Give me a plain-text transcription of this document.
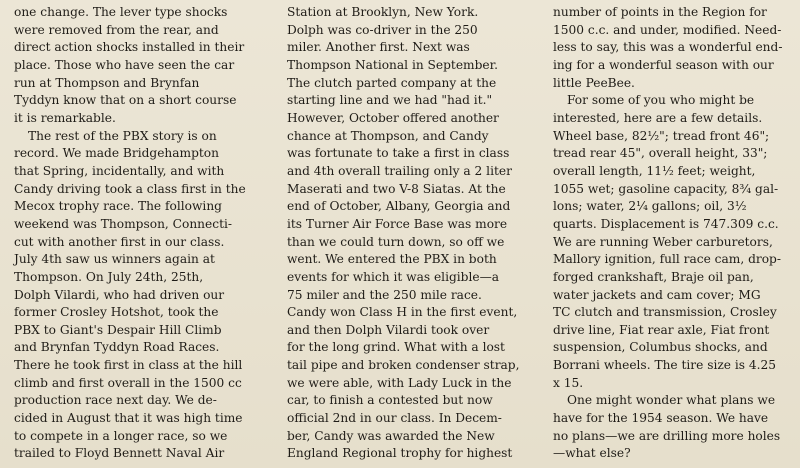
one change. The lever type shocks
were removed from the rear, and
direct action shocks installed in their
place. Those who have seen the car
run at Thompson and Brynfan
Tyddyn know that on a short course
it is remarkable.
The rest of the PBX story is on
record. We made Bridgehampton
that Spring, incidentally, and with
Candy driving took a class first in the
Mecox trophy race. The following
weekend was Thompson, Connecti-
cut with another first in our class.
July 4th saw us winners again at
Thompson. On July 24th, 25th,
Dolph Vilardi, who had driven our
former Crosley Hotshot, took the
PBX to Giant's Despair Hill Climb
and Brynfan Tyddyn Road Races.
There he took first in class at the hill
climb and first overall in the 1500 cc
production race next day. We de-
cided in August that it was high time
to compete in a longer race, so we
trailed to Floyd Bennett Naval Air
Station at Brooklyn, New York.
Dolph was co-driver in the 250
miler. Another first. Next was
Thompson National in September.
The clutch parted company at the
starting line and we had "had it."
However, October offered another
chance at Thompson, and Candy
was fortunate to take a first in class
and 4th overall trailing only a 2 liter
Maserati and two V-8 Siatas. At the
end of October, Albany, Georgia and
its Turner Air Force Base was more
than we could turn down, so off we
went. We entered the PBX in both
events for which it was eligible—a
75 miler and the 250 mile race.
Candy won Class H in the first event,
and then Dolph Vilardi took over
for the long grind. What with a lost
tail pipe and broken condenser strap,
we were able, with Lady Luck in the
car, to finish a contested but now
official 2nd in our class. In Decem-
ber, Candy was awarded the New
England Regional trophy for highest
number of points in the Region for
1500 c.c. and under, modified. Need-
less to say, this was a wonderful end-
ing for a wonderful season with our
little PeeBee.
For some of you who might be
interested, here are a few details.
Wheel base, 82½"; tread front 46";
tread rear 45", overall height, 33";
overall length, 11½ feet; weight,
1055 wet; gasoline capacity, 8¾ gal-
lons; water, 2¼ gallons; oil, 3½
quarts. Displacement is 747.309 c.c.
We are running Weber carburetors,
Mallory ignition, full race cam, drop-
forged crankshaft, Braje oil pan,
water jackets and cam cover; MG
TC clutch and transmission, Crosley
drive line, Fiat rear axle, Fiat front
suspension, Columbus shocks, and
Borrani wheels. The tire size is 4.25
x 15.
One might wonder what plans we
have for the 1954 season. We have
no plans—we are drilling more holes
—what else?
